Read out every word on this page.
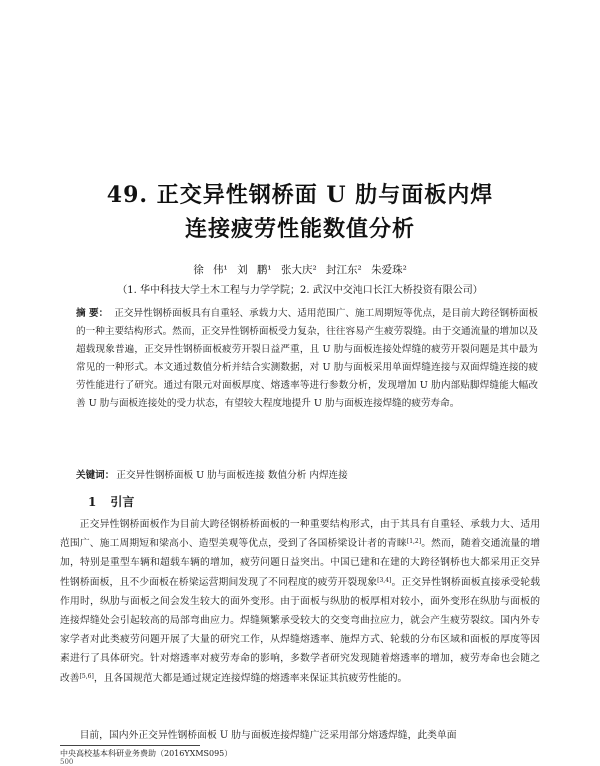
49. 正交异性钢桥面 U 肋与面板内焊
连接疲劳性能数值分析
徐 伟¹ 刘 鹏¹ 张大庆² 封江东² 朱爱珠²
（1. 华中科技大学土木工程与力学学院；2. 武汉中交沌口长江大桥投资有限公司）
摘 要： 正交异性钢桥面板具有自重轻、承载力大、适用范围广、施工周期短等优点，是目前大跨径钢桥面板的一种主要结构形式。然而，正交异性钢桥面板受力复杂，往往容易产生疲劳裂缝。由于交通流量的增加以及超载现象普遍，正交异性钢桥面板疲劳开裂日益严重，且 U 肋与面板连接处焊缝的疲劳开裂问题是其中最为常见的一种形式。本文通过数值分析并结合实测数据，对 U 肋与面板采用单面焊缝连接与双面焊缝连接的疲劳性能进行了研究。通过有限元对面板厚度、熔透率等进行参数分析，发现增加 U 肋内部贴脚焊缝能大幅改善 U 肋与面板连接处的受力状态，有望较大程度地提升 U 肋与面板连接焊缝的疲劳寿命。
关键词： 正交异性钢桥面板 U 肋与面板连接 数值分析 内焊连接
1 引言
正交异性钢桥面板作为目前大跨径钢桥桥面板的一种重要结构形式，由于其具有自重轻、承载力大、适用范围广、施工周期短和梁高小、造型美观等优点，受到了各国桥梁设计者的青睐[1,2]。然而，随着交通流量的增加，特别是重型车辆和超载车辆的增加，疲劳问题日益突出。中国已建和在建的大跨径钢桥也大都采用正交异性钢桥面板，且不少面板在桥梁运营期间发现了不同程度的疲劳开裂现象[3,4]。正交异性钢桥面板直接承受轮载作用时，纵肋与面板之间会发生较大的面外变形。由于面板与纵肋的板厚相对较小，面外变形在纵肋与面板的连接焊缝处会引起较高的局部弯曲应力。焊缝频繁承受较大的交变弯曲拉应力，就会产生疲劳裂纹。国内外专家学者对此类疲劳问题开展了大量的研究工作，从焊缝熔透率、施焊方式、轮载的分布区域和面板的厚度等因素进行了具体研究。针对熔透率对疲劳寿命的影响，多数学者研究发现随着熔透率的增加，疲劳寿命也会随之改善[5,6]，且各国规范大都是通过规定连接焊缝的熔透率来保证其抗疲劳性能的。
目前，国内外正交异性钢桥面板 U 肋与面板连接焊缝广泛采用部分熔透焊缝，此类单面
中央高校基本科研业务费助（2016YXMS095）
500
